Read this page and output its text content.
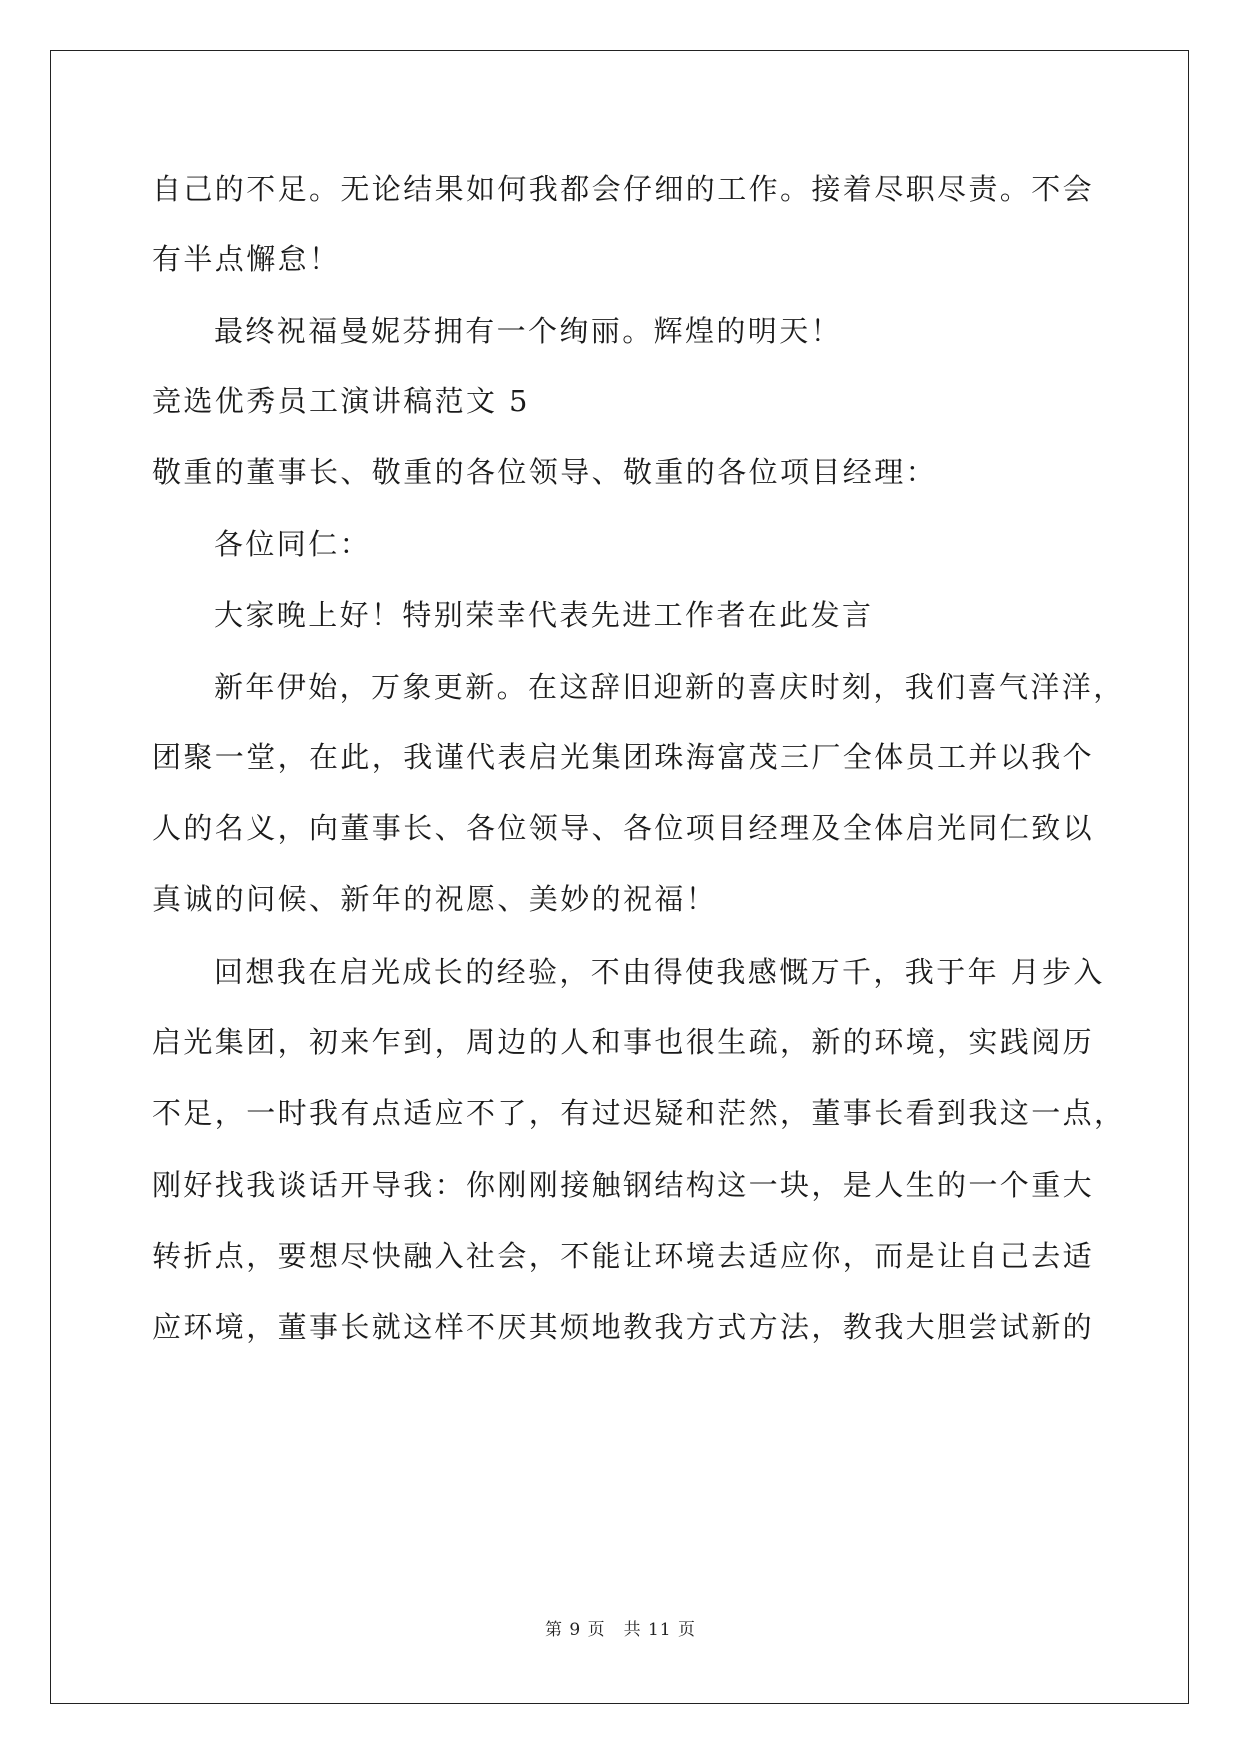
自己的不足。无论结果如何我都会仔细的工作。接着尽职尽责。不会
有半点懈怠！
最终祝福曼妮芬拥有一个绚丽。辉煌的明天！
竞选优秀员工演讲稿范文 5
敬重的董事长、敬重的各位领导、敬重的各位项目经理：
各位同仁：
大家晚上好！特别荣幸代表先进工作者在此发言
新年伊始，万象更新。在这辞旧迎新的喜庆时刻，我们喜气洋洋，
团聚一堂，在此，我谨代表启光集团珠海富茂三厂全体员工并以我个
人的名义，向董事长、各位领导、各位项目经理及全体启光同仁致以
真诚的问候、新年的祝愿、美妙的祝福！
回想我在启光成长的经验，不由得使我感慨万千，我于年 月步入
启光集团，初来乍到，周边的人和事也很生疏，新的环境，实践阅历
不足，一时我有点适应不了，有过迟疑和茫然，董事长看到我这一点，
刚好找我谈话开导我：你刚刚接触钢结构这一块，是人生的一个重大
转折点，要想尽快融入社会，不能让环境去适应你，而是让自己去适
应环境，董事长就这样不厌其烦地教我方式方法，教我大胆尝试新的
第 9 页 共 11 页
